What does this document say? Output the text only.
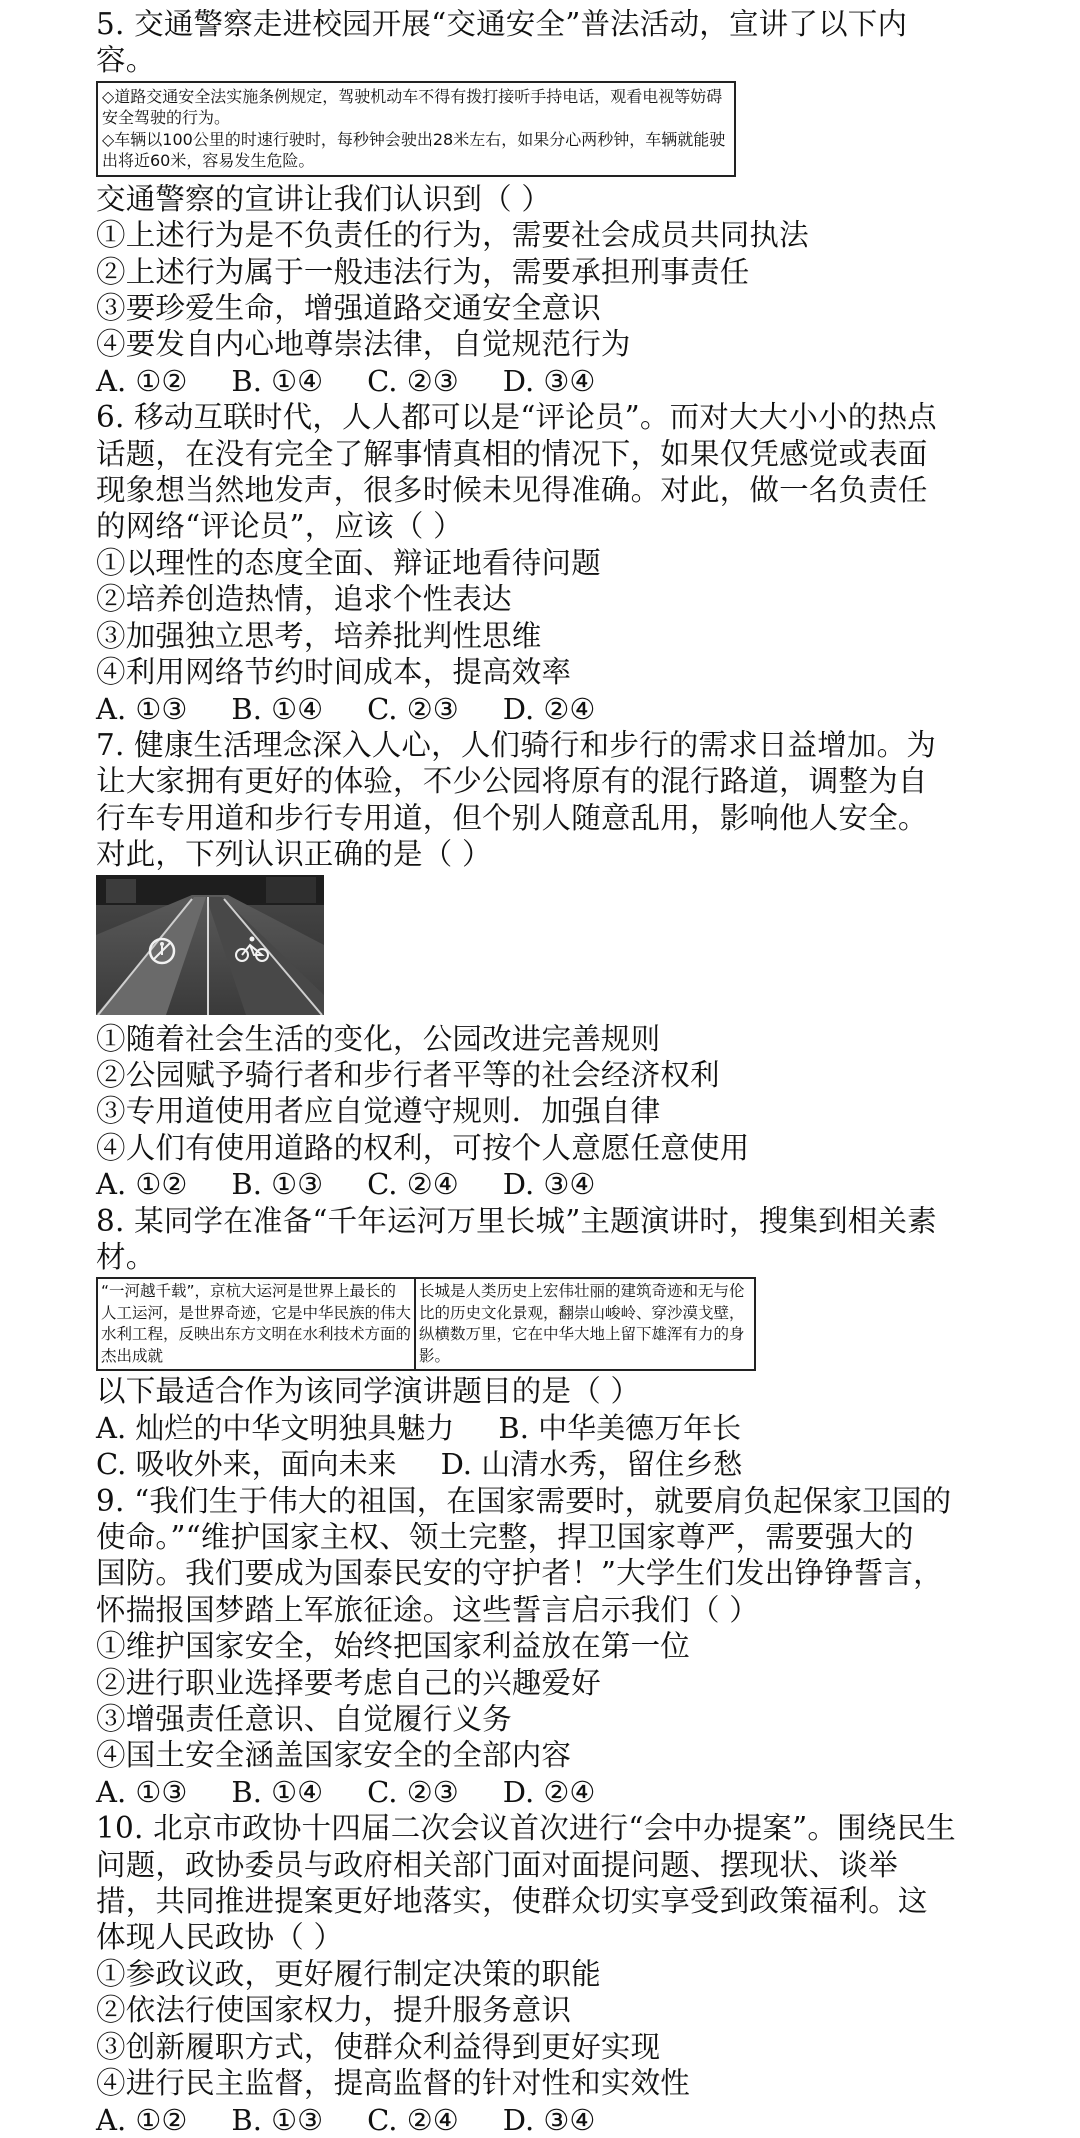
5. 交通警察走进校园开展“交通安全”普法活动，宣讲了以下内
容。

◇道路交通安全法实施条例规定，驾驶机动车不得有拨打接听手持电话，观看电视等妨碍安全驾驶的行为。

◇车辆以100公里的时速行驶时，每秒钟会驶出28米左右，如果分心两秒钟，车辆就能驶出将近60米，容易发生危险。

交通警察的宣讲让我们认识到（ ）
①上述行为是不负责任的行为，需要社会成员共同执法
②上述行为属于一般违法行为，需要承担刑事责任
③要珍爱生命，增强道路交通安全意识
④要发自内心地尊崇法律，自觉规范行为
A. ①② B. ①④ C. ②③ D. ③④
6. 移动互联时代，人人都可以是“评论员”。而对大大小小的热点
话题，在没有完全了解事情真相的情况下，如果仅凭感觉或表面
现象想当然地发声，很多时候未见得准确。对此，做一名负责任
的网络“评论员”，应该（ ）
①以理性的态度全面、辩证地看待问题
②培养创造热情，追求个性表达
③加强独立思考，培养批判性思维
④利用网络节约时间成本，提高效率
A. ①③ B. ①④ C. ②③ D. ②④
7. 健康生活理念深入人心，人们骑行和步行的需求日益增加。为
让大家拥有更好的体验，不少公园将原有的混行路道，调整为自
行车专用道和步行专用道，但个别人随意乱用，影响他人安全。
对此，下列认识正确的是（ ）
①随着社会生活的变化，公园改进完善规则
②公园赋予骑行者和步行者平等的社会经济权利
③专用道使用者应自觉遵守规则．加强自律
④人们有使用道路的权利，可按个人意愿任意使用
A. ①② B. ①③ C. ②④ D. ③④
8. 某同学在准备“千年运河万里长城”主题演讲时，搜集到相关素
材。
“一河越千载”，京杭大运河是世界上最长的人工运河，是世界奇迹，它是中华民族的伟大水利工程，反映出东方文明在水利技术方面的杰出成就
长城是人类历史上宏伟壮丽的建筑奇迹和无与伦比的历史文化景观，翻崇山峻岭、穿沙漠戈壁，纵横数万里，它在中华大地上留下雄浑有力的身影。
以下最适合作为该同学演讲题目的是（ ）
A. 灿烂的中华文明独具魅力 B. 中华美德万年长
C. 吸收外来，面向未来 D. 山清水秀，留住乡愁
9. “我们生于伟大的祖国，在国家需要时，就要肩负起保家卫国的
使命。”“维护国家主权、领土完整，捍卫国家尊严，需要强大的
国防。我们要成为国泰民安的守护者！”大学生们发出铮铮誓言，
怀揣报国梦踏上军旅征途。这些誓言启示我们（ ）
①维护国家安全，始终把国家利益放在第一位
②进行职业选择要考虑自己的兴趣爱好
③增强责任意识、自觉履行义务
④国土安全涵盖国家安全的全部内容
A. ①③ B. ①④ C. ②③ D. ②④
10. 北京市政协十四届二次会议首次进行“会中办提案”。围绕民生
问题，政协委员与政府相关部门面对面提问题、摆现状、谈举
措，共同推进提案更好地落实，使群众切实享受到政策福利。这
体现人民政协（ ）
①参政议政，更好履行制定决策的职能
②依法行使国家权力，提升服务意识
③创新履职方式，使群众利益得到更好实现
④进行民主监督，提高监督的针对性和实效性
A. ①② B. ①③ C. ②④ D. ③④
